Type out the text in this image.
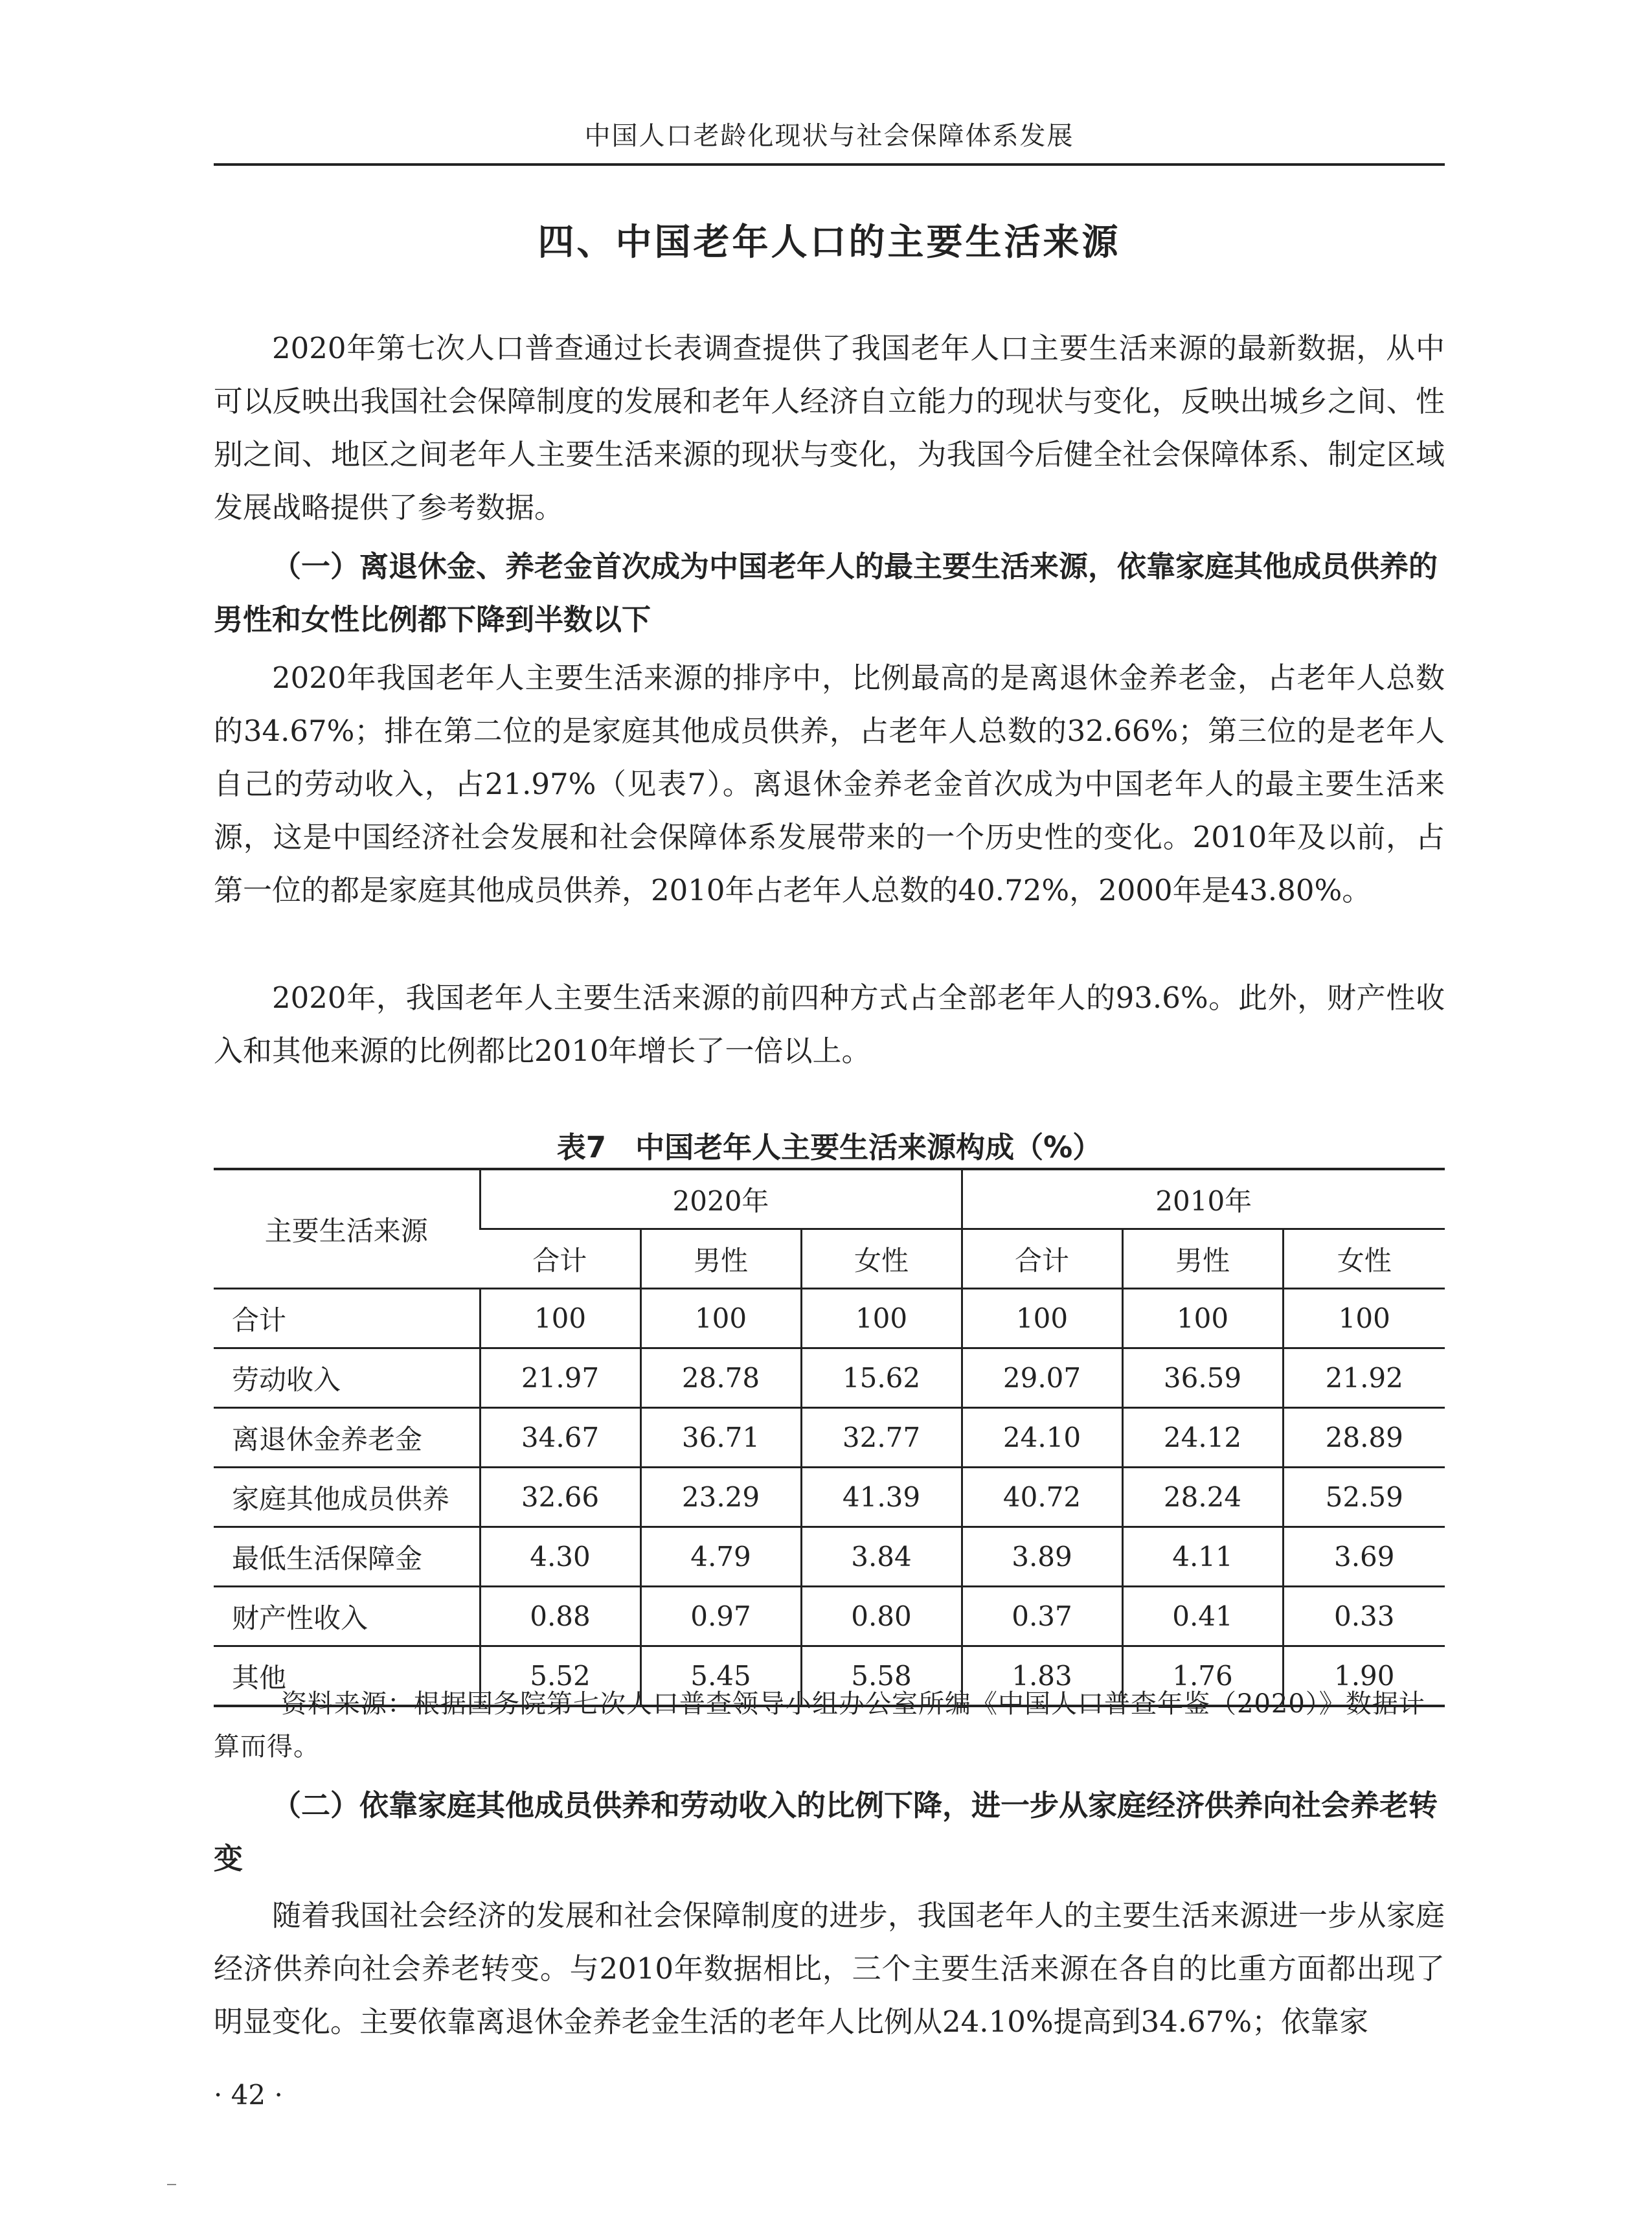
中国人口老龄化现状与社会保障体系发展
四、中国老年人口的主要生活来源

2020年第七次人口普查通过长表调查提供了我国老年人口主要生活来源的最新数据，从中可以反映出我国社会保障制度的发展和老年人经济自立能力的现状与变化，反映出城乡之间、性别之间、地区之间老年人主要生活来源的现状与变化，为我国今后健全社会保障体系、制定区域发展战略提供了参考数据。

（一）离退休金、养老金首次成为中国老年人的最主要生活来源，依靠家庭其他成员供养的男性和女性比例都下降到半数以下

2020年我国老年人主要生活来源的排序中，比例最高的是离退休金养老金，占老年人总数的34.67%；排在第二位的是家庭其他成员供养，占老年人总数的32.66%；第三位的是老年人自己的劳动收入，占21.97%（见表7）。离退休金养老金首次成为中国老年人的最主要生活来源，这是中国经济社会发展和社会保障体系发展带来的一个历史性的变化。2010年及以前，占第一位的都是家庭其他成员供养，2010年占老年人总数的40.72%，2000年是43.80%。

2020年，我国老年人主要生活来源的前四种方式占全部老年人的93.6%。此外，财产性收入和其他来源的比例都比2010年增长了一倍以上。

表7　中国老年人主要生活来源构成（%）
主要生活来源	2020年			2010年		
	合计	男性	女性	合计	男性	女性
合计	100	100	100	100	100	100
劳动收入	21.97	28.78	15.62	29.07	36.59	21.92
离退休金养老金	34.67	36.71	32.77	24.10	24.12	28.89
家庭其他成员供养	32.66	23.29	41.39	40.72	28.24	52.59
最低生活保障金	4.30	4.79	3.84	3.89	4.11	3.69
财产性收入	0.88	0.97	0.80	0.37	0.41	0.33
其他	5.52	5.45	5.58	1.83	1.76	1.90

资料来源：根据国务院第七次人口普查领导小组办公室所编《中国人口普查年鉴（2020）》数据计算而得。

（二）依靠家庭其他成员供养和劳动收入的比例下降，进一步从家庭经济供养向社会养老转变

随着我国社会经济的发展和社会保障制度的进步，我国老年人的主要生活来源进一步从家庭经济供养向社会养老转变。与2010年数据相比，三个主要生活来源在各自的比重方面都出现了明显变化。主要依靠离退休金养老金生活的老年人比例从24.10%提高到34.67%；依靠家

· 42 ·
